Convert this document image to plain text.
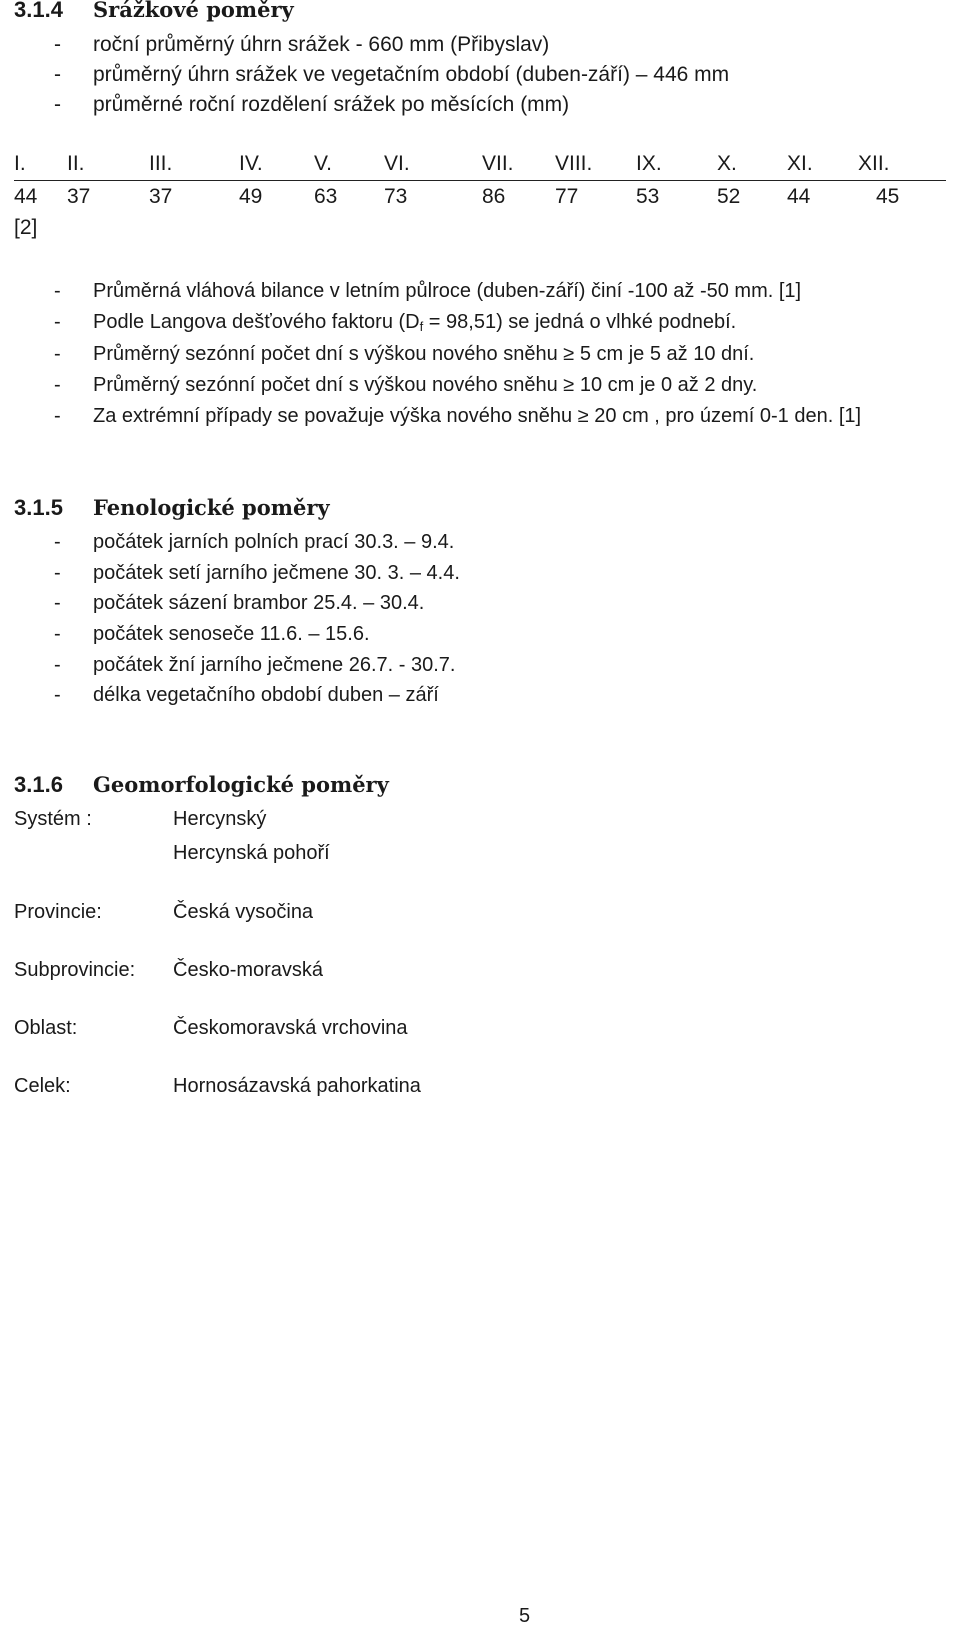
3.1.4 Srážkové poměry
- roční průměrný úhrn srážek - 660 mm (Přibyslav)
- průměrný úhrn srážek ve vegetačním období (duben-září) – 446 mm
- průměrné roční rozdělení srážek po měsících (mm)
I. II.	III.	IV. V. VI.	VII. VIII. IX.	X. XI. XII.
44 37	37	49 63 73	86 77	53	52 44	45
[2]
- Průměrná vláhová bilance v letním půlroce (duben-září) činí -100 až -50 mm. [1]
- Podle Langova dešťového faktoru $(D_f = 98,51)$ se jedná o vlhké podnebí.
- Průměrný sezónní počet dní s výškou nového sněhu ≥ 5 cm je 5 až 10 dní.
- Průměrný sezónní počet dní s výškou nového sněhu ≥ 10 cm je 0 až 2 dny.
- Za extrémní případy se považuje výška nového sněhu ≥ 20 cm , pro území 0-1 den. [1]
3.1.5 Fenologické poměry
- počátek jarních polních prací 30.3. – 9.4.
- počátek setí jarního ječmene 30. 3. – 4.4.
- počátek sázení brambor 25.4. – 30.4.
- počátek senoseče 11.6. – 15.6.
- počátek žní jarního ječmene 26.7. - 30.7.
- délka vegetačního období duben – září
3.1.6 Geomorfologické poměry
Systém :	Hercynský
Hercynská pohoří
Provincie:	Česká vysočina
Subprovincie: Česko-moravská
Oblast:	Českomoravská vrchovina
Celek:	Hornosázavská pahorkatina
5
